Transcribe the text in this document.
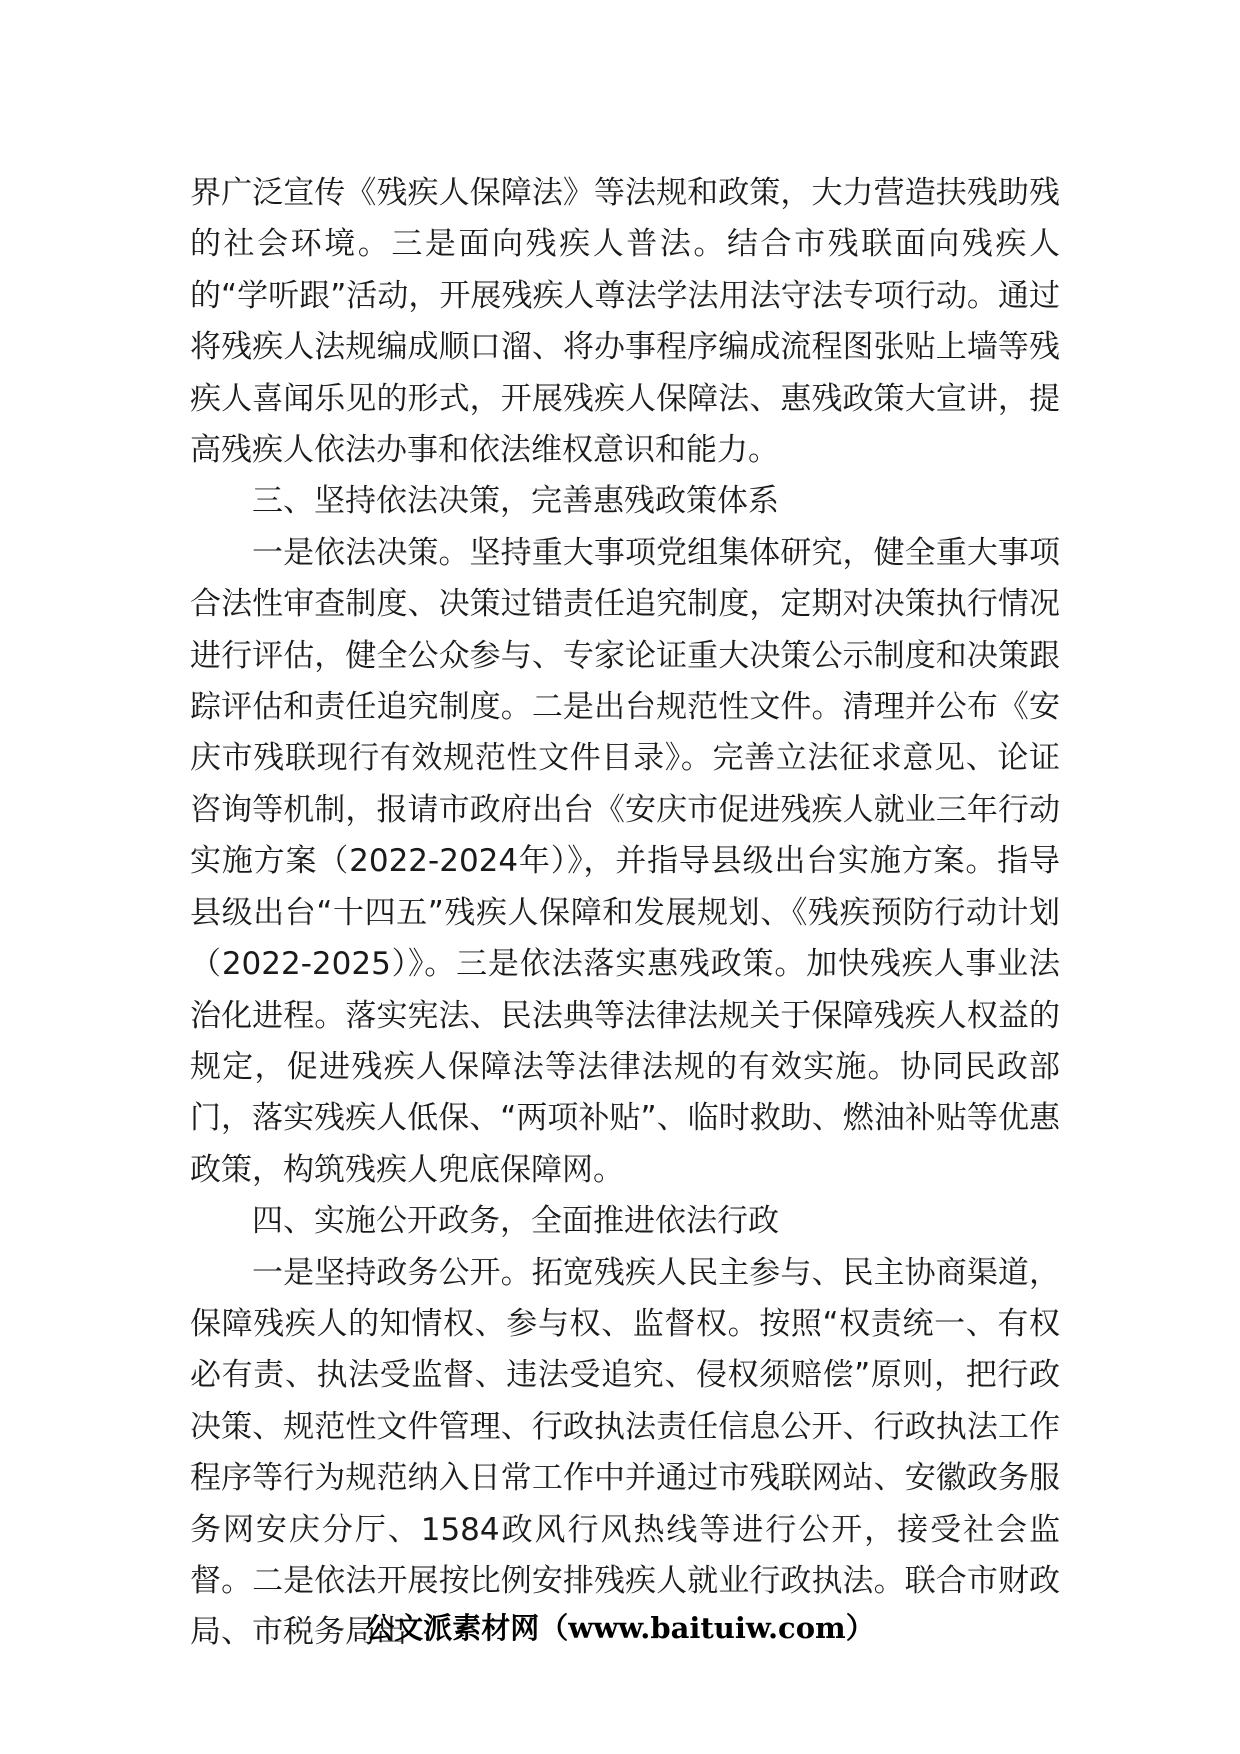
界广泛宣传《残疾人保障法》等法规和政策，大力营造扶残助残的社会环境。三是面向残疾人普法。结合市残联面向残疾人的“学听跟”活动，开展残疾人尊法学法用法守法专项行动。通过将残疾人法规编成顺口溜、将办事程序编成流程图张贴上墙等残疾人喜闻乐见的形式，开展残疾人保障法、惠残政策大宣讲，提高残疾人依法办事和依法维权意识和能力。

三、坚持依法决策，完善惠残政策体系

一是依法决策。坚持重大事项党组集体研究，健全重大事项合法性审查制度、决策过错责任追究制度，定期对决策执行情况进行评估，健全公众参与、专家论证重大决策公示制度和决策跟踪评估和责任追究制度。二是出台规范性文件。清理并公布《安庆市残联现行有效规范性文件目录》。完善立法征求意见、论证咨询等机制，报请市政府出台《安庆市促进残疾人就业三年行动实施方案（2022-2024年）》，并指导县级出台实施方案。指导县级出台“十四五”残疾人保障和发展规划、《残疾预防行动计划（2022-2025）》。三是依法落实惠残政策。加快残疾人事业法治化进程。落实宪法、民法典等法律法规关于保障残疾人权益的规定，促进残疾人保障法等法律法规的有效实施。协同民政部门，落实残疾人低保、“两项补贴”、临时救助、燃油补贴等优惠政策，构筑残疾人兜底保障网。

四、实施公开政务，全面推进依法行政

一是坚持政务公开。拓宽残疾人民主参与、民主协商渠道，保障残疾人的知情权、参与权、监督权。按照“权责统一、有权必有责、执法受监督、违法受追究、侵权须赔偿”原则，把行政决策、规范性文件管理、行政执法责任信息公开、行政执法工作程序等行为规范纳入日常工作中并通过市残联网站、安徽政务服务网安庆分厅、1584政风行风热线等进行公开，接受社会监督。二是依法开展按比例安排残疾人就业行政执法。联合市财政局、市税务局出

公文派素材网（www.baituiw.com）
